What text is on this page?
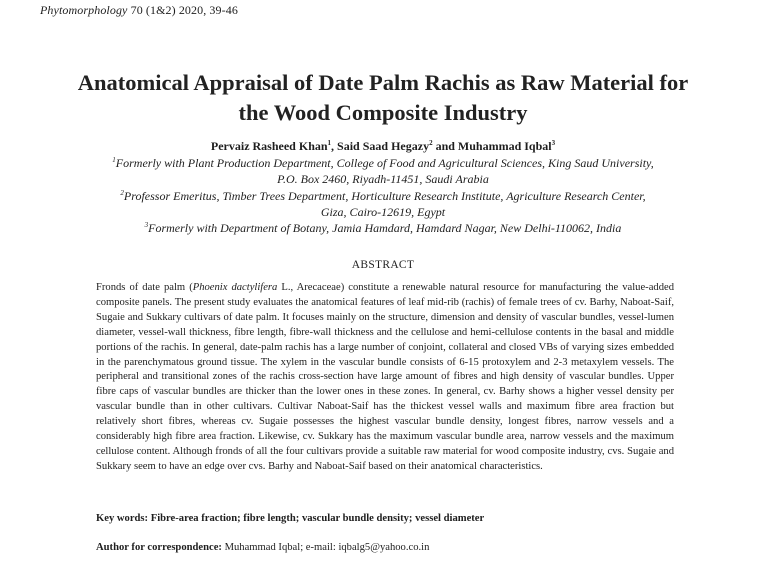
Phytomorphology 70 (1&2) 2020, 39-46
Anatomical Appraisal of Date Palm Rachis as Raw Material for
the Wood Composite Industry
Pervaiz Rasheed Khan$^1$, Said Saad Hegazy$^2$ and Muhammad Iqbal$^3$
$^1$Formerly with Plant Production Department, College of Food and Agricultural Sciences, King Saud University,
P.O. Box 2460, Riyadh-11451, Saudi Arabia
$^2$Professor Emeritus, Timber Trees Department, Horticulture Research Institute, Agriculture Research Center,
Giza, Cairo-12619, Egypt
$^3$Formerly with Department of Botany, Jamia Hamdard, Hamdard Nagar, New Delhi-110062, India
ABSTRACT
Fronds of date palm (Phoenix dactylifera L., Arecaceae) constitute a renewable natural resource for manufacturing the value-added composite panels. The present study evaluates the anatomical features of leaf mid-rib (rachis) of female trees of cv. Barhy, Naboat-Saif, Sugaie and Sukkary cultivars of date palm. It focuses mainly on the structure, dimension and density of vascular bundles, vessel-lumen diameter, vessel-wall thickness, fibre length, fibre-wall thickness and the cellulose and hemi-cellulose contents in the basal and middle portions of the rachis. In general, date-palm rachis has a large number of conjoint, collateral and closed VBs of varying sizes embedded in the parenchymatous ground tissue. The xylem in the vascular bundle consists of 6-15 protoxylem and 2-3 metaxylem vessels. The peripheral and transitional zones of the rachis cross-section have large amount of fibres and high density of vascular bundles. Upper fibre caps of vascular bundles are thicker than the lower ones in these zones. In general, cv. Barhy shows a higher vessel density per vascular bundle than in other cultivars. Cultivar Naboat-Saif has the thickest vessel walls and maximum fibre area fraction but relatively short fibres, whereas cv. Sugaie possesses the highest vascular bundle density, longest fibres, narrow vessels and a considerably high fibre area fraction. Likewise, cv. Sukkary has the maximum vascular bundle area, narrow vessels and the maximum cellulose content. Although fronds of all the four cultivars provide a suitable raw material for wood composite industry, cvs. Sugaie and Sukkary seem to have an edge over cvs. Barhy and Naboat-Saif based on their anatomical characteristics.
Key words: Fibre-area fraction; fibre length; vascular bundle density; vessel diameter
Author for correspondence: Muhammad Iqbal; e-mail: iqbalg5@yahoo.co.in
